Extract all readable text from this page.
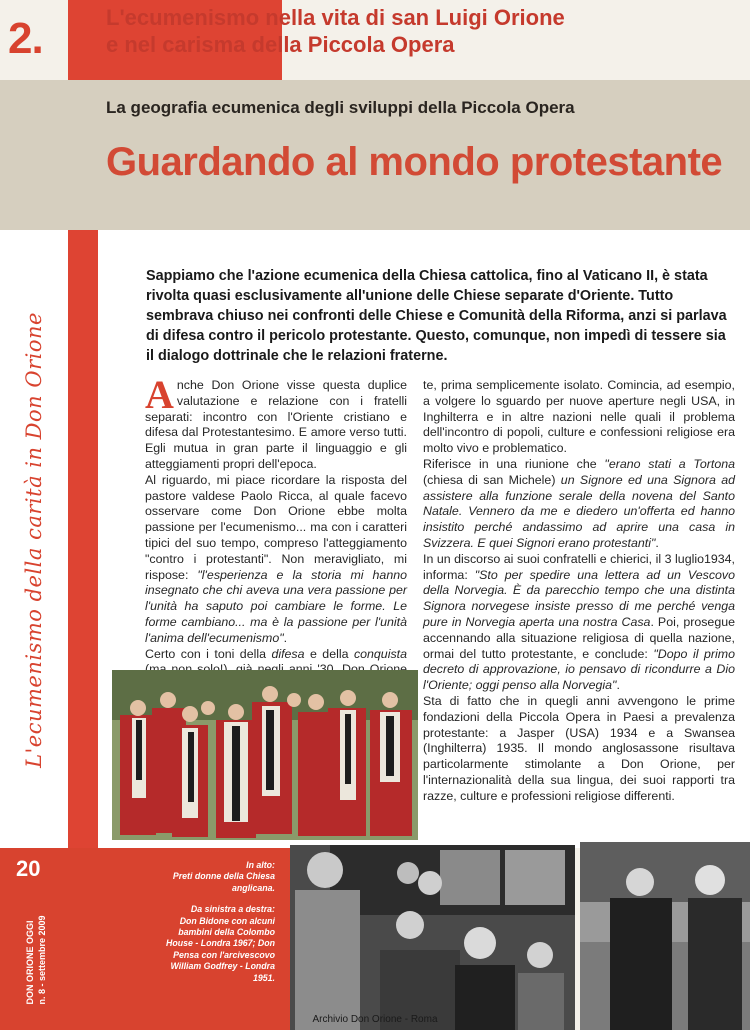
2.	L'ecumenismo nella vita di san Luigi Orione
e nel carisma della Piccola Opera
La geografia ecumenica degli sviluppi della Piccola Opera
Guardando al mondo protestante
L'ecumenismo della carità in Don Orione
Sappiamo che l'azione ecumenica della Chiesa cattolica, fino al Vaticano II, è stata rivolta quasi esclusivamente all'unione delle Chiese separate d'Oriente. Tutto sembrava chiuso nei confronti delle Chiese e Comunità della Riforma, anzi si parlava di difesa contro il pericolo protestante. Questo, comunque, non impedì di tessere sia il dialogo dottrinale che le relazioni fraterne.

Anche Don Orione visse questa duplice valutazione e relazione con i fratelli separati: incontro con l'Oriente cristiano e difesa dal Protestantesimo. E amore verso tutti. Egli mutua in gran parte il linguaggio e gli atteggiamenti propri dell'epoca.

Al riguardo, mi piace ricordare la risposta del pastore valdese Paolo Ricca, al quale facevo osservare come Don Orione ebbe molta passione per l'ecumenismo... ma con i caratteri tipici del suo tempo, compreso l'atteggiamento "contro i protestanti". Non meravigliato, mi rispose: "l'esperienza e la storia mi hanno insegnato che chi aveva una vera passione per l'unità ha saputo poi cambiare le forme. Le forme cambiano... ma è la passione per l'unità l'anima dell'ecumenismo".

Certo con i toni della difesa e della conquista

te, prima semplicemente isolato. Comincia, ad esempio, a volgere lo sguardo per nuove aperture negli USA, in Inghilterra e in altre nazioni nelle quali il problema dell'incontro di popoli, culture e confessioni religiose era molto vivo e problematico.

Riferisce in una riunione che "erano stati a Tortona (chiesa di san Michele) un Signore ed una Signora ad assistere alla funzione serale della novena del Santo Natale. Vennero da me e diedero un'offerta ed hanno insistito perché andassimo ad aprire una casa in Svizzera. E quei Signori erano protestanti".

In un discorso ai suoi confratelli e chierici, il 3 luglio1934, informa: "Sto per spedire una lettera ad un Vescovo della Norvegia. È da parecchio tempo che una distinta Signora norvegese insiste presso di me perché venga pure in Norvegia aperta una nostra Casa. Poi, prosegue accennando alla situazione religiosa di quella nazione, ormai del tutto protestante, e conclude: "Dopo il primo decreto di approvazione, io pensavo di ricondurre a Dio l'Oriente; oggi penso alla Norvegia".

Sta di fatto che in quegli anni avvengono le prime fondazioni della Piccola Opera in Paesi a prevalenza protestante: a Jasper (USA) 1934 e a Swansea (Inghilterra) 1935. Il mondo anglosassone risultava particolarmente stimolante a Don Orione, per l'internazionalità della sua lingua, dei suoi rapporti tra razze, culture e professioni religiose differenti.

20
DON ORIONE OGGI n. 8 - settembre 2009

In alto:
Preti donne della Chiesa anglicana.

Da sinistra a destra:
Don Bidone con alcuni bambini della Colombo House - Londra 1967; Don Pensa con l'arcivescovo William Godfrey - Londra 1951.

Archivio Don Orione - Roma
